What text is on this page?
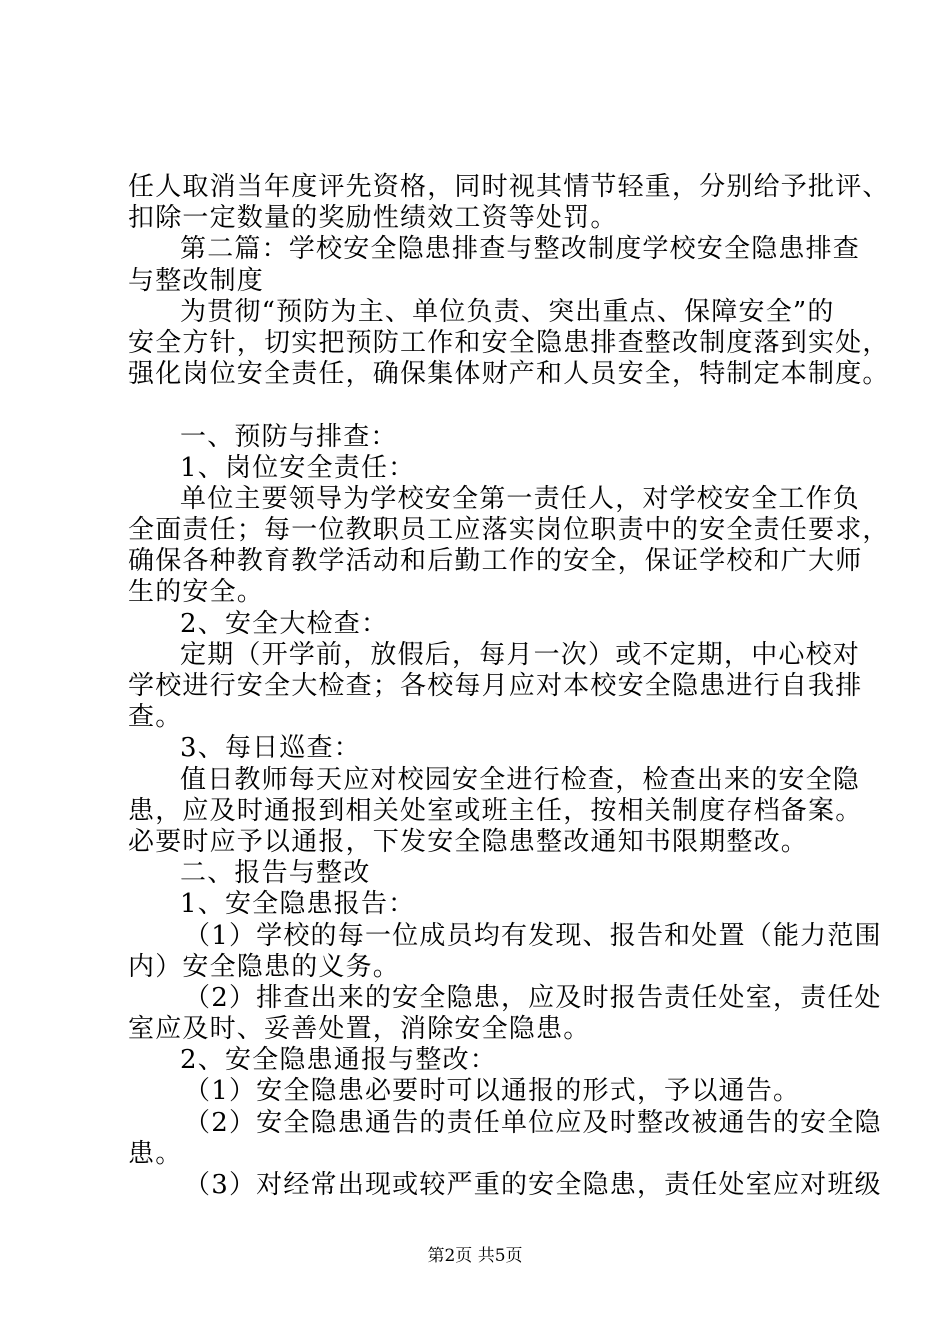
任人取消当年度评先资格，同时视其情节轻重，分别给予批评、
扣除一定数量的奖励性绩效工资等处罚。
第二篇：学校安全隐患排查与整改制度学校安全隐患排查
与整改制度
为贯彻“预防为主、单位负责、突出重点、保障安全”的
安全方针，切实把预防工作和安全隐患排查整改制度落到实处，
强化岗位安全责任，确保集体财产和人员安全，特制定本制度。
一、预防与排查：
1、岗位安全责任：
单位主要领导为学校安全第一责任人，对学校安全工作负
全面责任；每一位教职员工应落实岗位职责中的安全责任要求，
确保各种教育教学活动和后勤工作的安全，保证学校和广大师
生的安全。
2、安全大检查：
定期（开学前，放假后，每月一次）或不定期，中心校对
学校进行安全大检查；各校每月应对本校安全隐患进行自我排
查。
3、每日巡查：
值日教师每天应对校园安全进行检查，检查出来的安全隐
患，应及时通报到相关处室或班主任，按相关制度存档备案。
必要时应予以通报，下发安全隐患整改通知书限期整改。
二、报告与整改
1、安全隐患报告：
（1）学校的每一位成员均有发现、报告和处置（能力范围
内）安全隐患的义务。
（2）排查出来的安全隐患，应及时报告责任处室，责任处
室应及时、妥善处置，消除安全隐患。
2、安全隐患通报与整改：
（1）安全隐患必要时可以通报的形式，予以通告。
（2）安全隐患通告的责任单位应及时整改被通告的安全隐
患。
（3）对经常出现或较严重的安全隐患，责任处室应对班级
第2页 共5页
